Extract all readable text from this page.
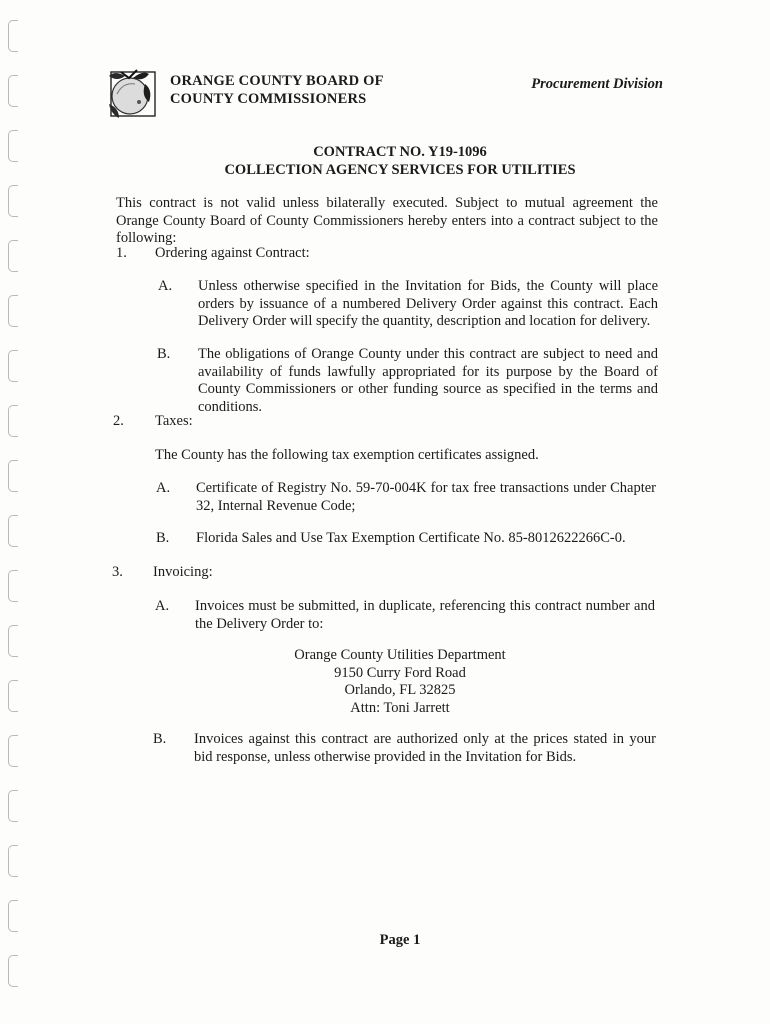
ORANGE COUNTY BOARD OF
COUNTY COMMISSIONERS
Procurement Division
CONTRACT NO. Y19-1096
COLLECTION AGENCY SERVICES FOR UTILITIES
This contract is not valid unless bilaterally executed. Subject to mutual agreement the Orange County Board of County Commissioners hereby enters into a contract subject to the following:
1. Ordering against Contract:
A. Unless otherwise specified in the Invitation for Bids, the County will place orders by issuance of a numbered Delivery Order against this contract. Each Delivery Order will specify the quantity, description and location for delivery.
B. The obligations of Orange County under this contract are subject to need and availability of funds lawfully appropriated for its purpose by the Board of County Commissioners or other funding source as specified in the terms and conditions.
2. Taxes:
The County has the following tax exemption certificates assigned.
A. Certificate of Registry No. 59-70-004K for tax free transactions under Chapter 32, Internal Revenue Code;
B. Florida Sales and Use Tax Exemption Certificate No. 85-8012622266C-0.
3. Invoicing:
A. Invoices must be submitted, in duplicate, referencing this contract number and the Delivery Order to:
Orange County Utilities Department
9150 Curry Ford Road
Orlando, FL 32825
Attn: Toni Jarrett
B. Invoices against this contract are authorized only at the prices stated in your bid response, unless otherwise provided in the Invitation for Bids.
Page 1
